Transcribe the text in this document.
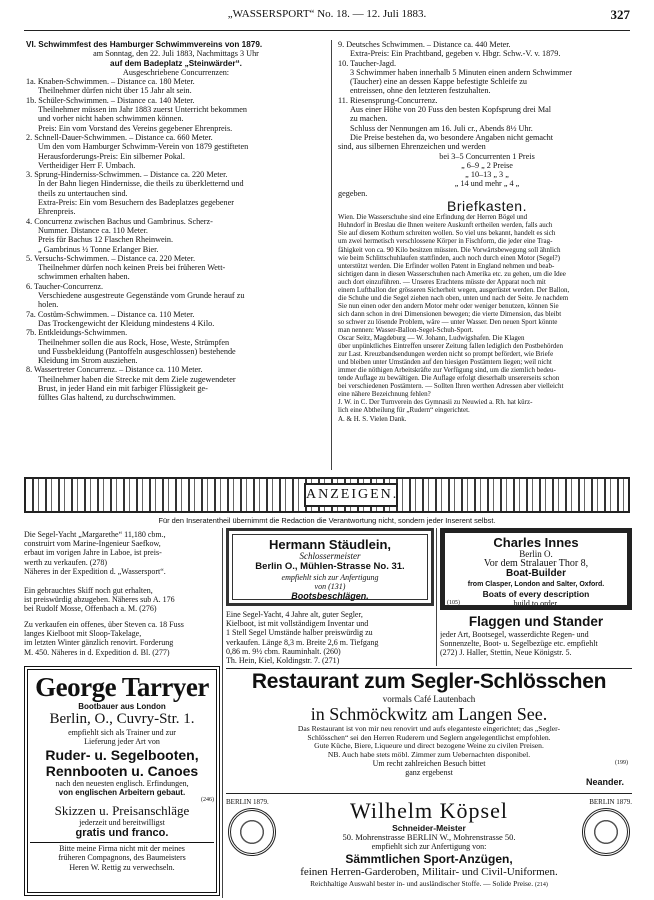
„WASSERSPORT“ No. 18. — 12. Juli 1883.	327
VI. Schwimmfest des Hamburger Schwimmvereins von 1879.
am Sonntag, den 22. Juli 1883, Nachmittags 3 Uhr
auf dem Badeplatz „Steinwärder“.
Ausgeschriebene Concurrenzen:
1a. Knaben-Schwimmen. – Distance ca. 180 Meter.
Theilnehmer dürfen nicht über 15 Jahr alt sein.
1b. Schüler-Schwimmen. – Distance ca. 140 Meter.
Theilnehmer müssen im Jahr 1883 zuerst Unterricht bekommen
und vorher nicht haben schwimmen können.
Preis: Ein vom Vorstand des Vereins gegebener Ehrenpreis.
2. Schnell-Dauer-Schwimmen. – Distance ca. 660 Meter.
Um den vom Hamburger Schwimm-Verein von 1879 gestifteten
Herausforderungs-Preis: Ein silberner Pokal.
Vertheidiger Herr F. Umbach.
3. Sprung-Hinderniss-Schwimmen. – Distance ca. 220 Meter.
In der Bahn liegen Hindernisse, die theils zu überkletternd und
theils zu untertauchen sind.
Extra-Preis: Ein vom Besuchern des Badeplatzes gegebener
Ehrenpreis.
4. Concurrenz zwischen Bachus und Gambrinus. Scherz-
Nummer. Distance ca. 110 Meter.
Preis für Bachus 12 Flaschen Rheinwein.
„ Gambrinus ½ Tonne Erlanger Bier.
5. Versuchs-Schwimmen. – Distance ca. 220 Meter.
Theilnehmer dürfen noch keinen Preis bei früheren Wett-
schwimmen erhalten haben.
6. Taucher-Concurrenz.
Verschiedene ausgestreute Gegenstände vom Grunde herauf zu
holen.
7a. Costüm-Schwimmen. – Distance ca. 110 Meter.
Das Trockengewicht der Kleidung mindestens 4 Kilo.
7b. Entkleidungs-Schwimmen.
Theilnehmer sollen die aus Rock, Hose, Weste, Strümpfen
und Fussbekleidung (Pantoffeln ausgeschlossen) bestehende
Kleidung im Strom ausziehen.
8. Wassertreter Concurrenz. – Distance ca. 110 Meter.
Theilnehmer haben die Strecke mit dem Ziele zugewendeter
Brust, in jeder Hand ein mit farbiger Flüssigkeit ge-
fülltes Glas haltend, zu durchschwimmen.
9. Deutsches Schwimmen. – Distance ca. 440 Meter.
Extra-Preis: Ein Prachtband, gegeben v. Hbgr. Schw.-V. v. 1879.
10. Taucher-Jagd.
3 Schwimmer haben innerhalb 5 Minuten einen andern Schwimmer
(Taucher) eine an dessen Kappe befestigte Schleife zu
entreissen, ohne den letzteren festzuhalten.
11. Riesensprung-Concurrenz.
Aus einer Höhe von 20 Fuss den besten Kopfsprung drei Mal
zu machen.
Schluss der Nennungen am 16. Juli cr., Abends 8½ Uhr.
Die Preise bestehen da, wo besondere Angaben nicht gemacht
sind, aus silbernen Ehrenzeichen und werden
bei 3–5 Concurrenten 1 Preis
„ 6–9 „ 2 Preise
„ 10–13 „ 3 „
„ 14 und mehr „ 4 „
gegeben.
Briefkasten.
Wien. Die Wasserschuhe sind eine Erfindung der Herren Bögel und
Huhndorf in Breslau die Ihnen weitere Auskunft ertheilen werden, falls auch
Sie auf diesem Kothurn schreiten wollen. So viel uns bekannt, handelt es sich
um zwei hermetisch verschlossene Körper in Fischform, die jeder eine Trag-
fähigkeit von ca. 90 Kilo besitzen müssten. Die Vorwärtsbewegung soll ähnlich
wie beim Schlittschuhlaufen stattfinden, auch noch durch einen Motor (Segel?)
unterstützt werden. Die Erfinder wollen Patent in England nehmen und beab-
sichtigen dann in diesen Wasserschuhen nach Amerika etc. zu gehen, um die Idee
auch dort einzuführen. — Unseres Erachtens müsste der Apparat noch mit
einem Luftballon der grösseren Sicherheit wegen, ausgerüstet werden. Der Ballon,
die Schuhe und die Segel ziehen nach oben, unten und nach der Seite. Je nachdem
Sie nun einen oder den andern Motor mehr oder weniger benutzen, können Sie
sich dann schon in drei Dimensionen bewegen; die vierte Dimension, das bleibt
so schwer zu lösende Problem, wäre — unter Wasser. Den neuen Sport könnte
man nennen: Wasser-Ballon-Segel-Schuh-Sport.
Oscar Seitz, Magdeburg — W. Johann, Ludwigshafen. Die Klagen
über unpünktliches Eintreffen unserer Zeitung fallen lediglich den Postbehörden
zur Last. Kreuzbandsendungen werden nicht so prompt befördert, wie Briefe
und bleiben unter Umständen auf den hiesigen Postämtern liegen; weil nicht
immer die nöthigen Arbeitskräfte zur Verfügung sind, um die ziemlich bedeu-
tende Auflage zu bewältigen. Die Auflage erfolgt dieserhalb unsererseits schon
bei verschiedenen Postämtern. — Sollten Ihren werthen Adressen aber vielleicht
eine nähere Bezeichnung fehlen?
J. W. in C. Der Turnverein des Gymnasii zu Neuwied a. Rh. hat kürz-
lich eine Abtheilung für „Rudern“ eingerichtet.
A. & H. S. Vielen Dank.
ANZEIGEN.
Für den Inseratentheil übernimmt die Redaction die Verantwortung nicht, sondern jeder Inserent selbst.
Die Segel-Yacht „Margarethe“ 11,180 cbm.,
construirt vom Marine-Ingenieur Saefkow,
erbaut im vorigen Jahre in Laboe, ist preis-
werth zu verkaufen. (278)
Näheres in der Expedition d. „Wassersport“.
Ein gebrauchtes Skiff noch gut erhalten,
ist preiswürdig abzugeben. Näheres sub A. 176
bei Rudolf Mosse, Offenbach a. M. (276)
Zu verkaufen ein offenes, über Steven ca. 18 Fuss
langes Kielboot mit Sloop-Takelage,
im letzten Winter gänzlich renovirt. Forderung
M. 450. Näheres in d. Expedition d. Bl. (277)
George Tarryer
Bootbauer aus London
Berlin, O., Cuvry-Str. 1.
empfiehlt sich als Trainer und zur
Lieferung jeder Art von
Ruder- u. Segelbooten,
Rennbooten u. Canoes
nach den neuesten englisch. Erfindungen,
von englischen Arbeitern gebaut.
(246)
Skizzen u. Preisanschläge
jederzeit und bereitwilligst
gratis und franco.
Bitte meine Firma nicht mit der meines
früheren Compagnons, des Baumeisters
Heren W. Rettig zu verwechseln.
Hermann Stäudlein,
Schlossermeister
Berlin O., Mühlen-Strasse No. 31.
empfiehlt sich zur Anfertigung
von (131)
Bootsbeschlägen.
Eine Segel-Yacht, 4 Jahre alt, guter Segler,
Kielboot, ist mit vollständigem Inventar und
1 Stell Segel Umstände halber preiswürdig zu
verkaufen. Länge 8,3 m. Breite 2,6 m. Tiefgang
0,86 m. 9½ cbm. Rauminhalt. (260)
Th. Hein, Kiel, Koldingstr. 7. (271)
Charles Innes
Berlin O.
Vor dem Stralauer Thor 8,
Boat-Builder
from Clasper, London and Salter, Oxford.
Boats of every description
(105)	build to order.
Flaggen und Stander
jeder Art, Bootsegel, wasserdichte Regen- und
Sonnenzelte, Boot- u. Segelbezüge etc. empfiehlt
(272) J. Haller, Stettin, Neue Königstr. 5.
Restaurant zum Segler-Schlösschen
vormals Café Lautenbach
in Schmöckwitz am Langen See.
Das Restaurant ist von mir neu renovirt und aufs eleganteste eingerichtet; das „Segler-
Schlösschen“ sei den Herren Ruderern und Seglern angelegentlichst empfohlen.
Gute Küche, Biere, Liqueure und direct bezogene Weine zu civilen Preisen.
NB. Auch habe stets möbl. Zimmer zum Uebernachten disponibel.
Um recht zahlreichen Besuch bittet	(199)
ganz ergebenst
Neander.
BERLIN 1879.	BERLIN 1879.
Wilhelm Köpsel
Schneider-Meister
50. Mohrenstrasse BERLIN W., Mohrenstrasse 50.
empfiehlt sich zur Anfertigung von:
Sämmtlichen Sport-Anzügen,
feinen Herren-Garderoben, Militair- und Civil-Uniformen.
Reichhaltige Auswahl bester in- und ausländischer Stoffe. — Solide Preise. (214)
